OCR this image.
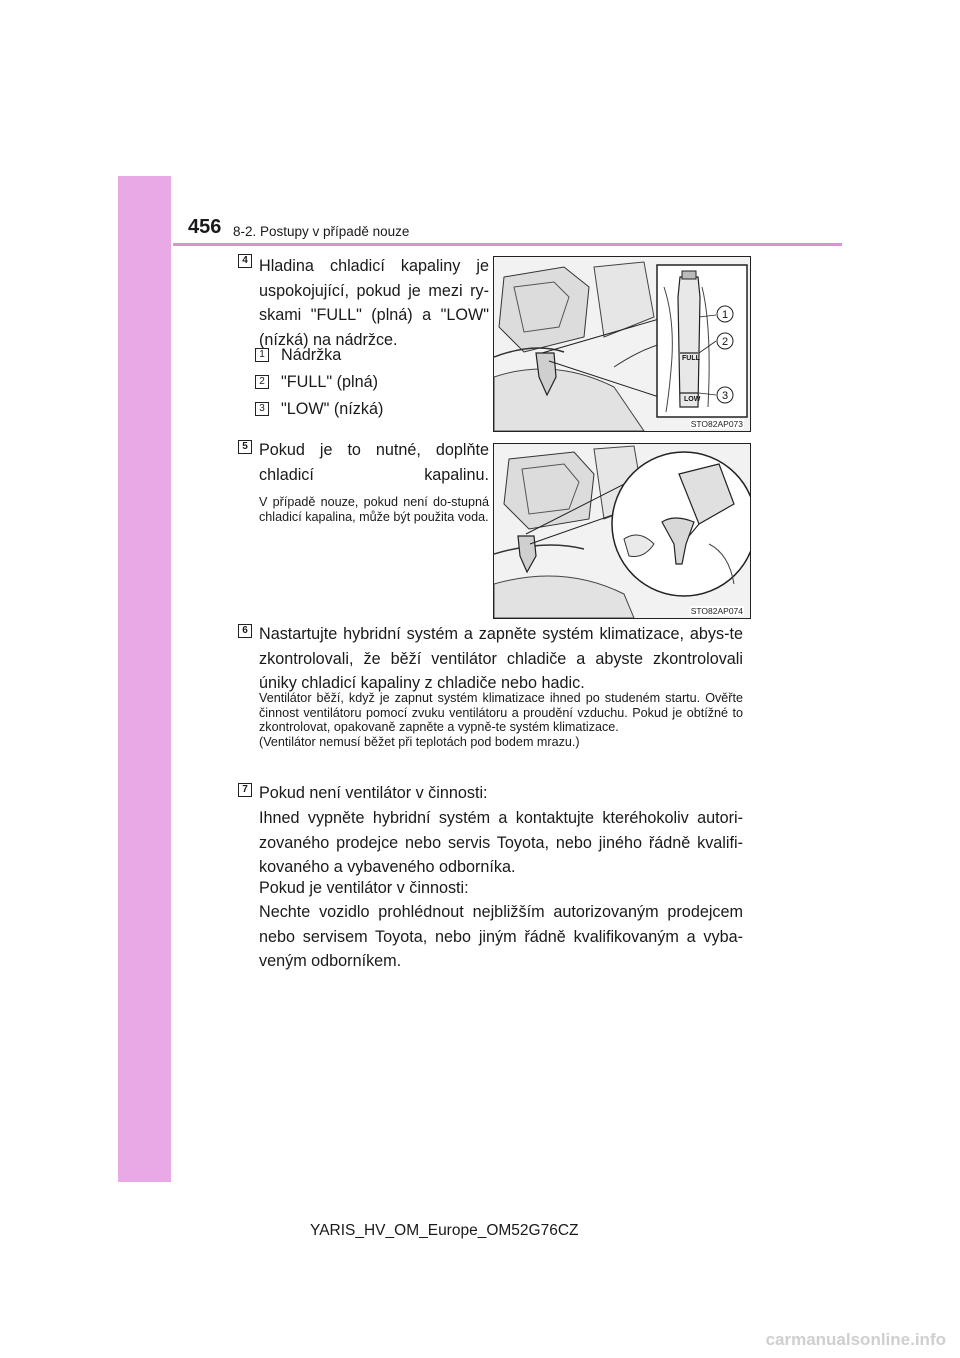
456 8-2. Postupy v případě nouze
4 Hladina chladicí kapaliny je uspokojující, pokud je mezi ry-skami "FULL" (plná) a "LOW" (nízká) na nádržce.

1 Nádržka
2 "FULL" (plná)
3 "LOW" (nízká)
FULL
LOW
1
2
3
STO82AP073
5 Pokud je to nutné, doplňte chladicí kapalinu.

V případě nouze, pokud není do-stupná chladicí kapalina, může být použita voda.

STO82AP074
6 Nastartujte hybridní systém a zapněte systém klimatizace, abys-te zkontrolovali, že běží ventilátor chladiče a abyste zkontrolovali úniky chladicí kapaliny z chladiče nebo hadic.

Ventilátor běží, když je zapnut systém klimatizace ihned po studeném startu. Ověřte činnost ventilátoru pomocí zvuku ventilátoru a proudění vzduchu. Pokud je obtížné to zkontrolovat, opakovaně zapněte a vypně-te systém klimatizace.

(Ventilátor nemusí běžet při teplotách pod bodem mrazu.)

7 Pokud není ventilátor v činnosti:

Ihned vypněte hybridní systém a kontaktujte kteréhokoliv autori-zovaného prodejce nebo servis Toyota, nebo jiného řádně kvalifi-kovaného a vybaveného odborníka.

Pokud je ventilátor v činnosti:

Nechte vozidlo prohlédnout nejbližším autorizovaným prodejcem nebo servisem Toyota, nebo jiným řádně kvalifikovaným a vyba-veným odborníkem.

YARIS_HV_OM_Europe_OM52G76CZ
carmanualsonline.info
